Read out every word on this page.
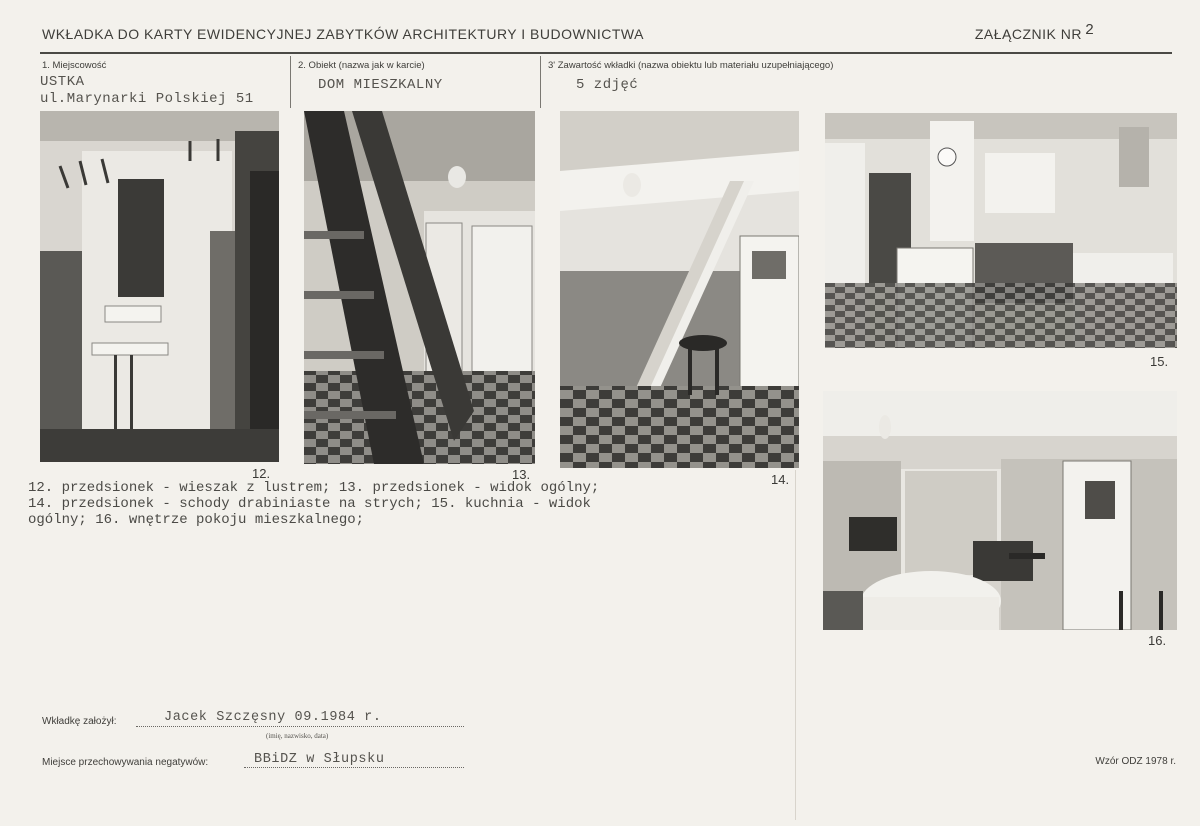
WKŁADKA DO KARTY EWIDENCYJNEJ ZABYTKÓW ARCHITEKTURY I BUDOWNICTWA	ZAŁĄCZNIK NR 2
1. Miejscowość
USTKA
ul.Marynarki Polskiej 51
2. Obiekt (nazwa jak w karcie)
DOM MIESZKALNY
3' Zawartość wkładki (nazwa obiektu lub materiału uzupełniającego)
5 zdjęć
12.	13.	14.
15.
16.
12. przedsionek - wieszak z lustrem; 13. przedsionek - widok ogólny;
14. przedsionek - schody drabiniaste na strych; 15. kuchnia - widok
ogólny; 16. wnętrze pokoju mieszkalnego;
Wkładkę założył:	Jacek Szczęsny 09.1984 r.
(imię, nazwisko, data)
Miejsce przechowywania negatywów:	BBiDZ w Słupsku	Wzór ODZ 1978 r.
